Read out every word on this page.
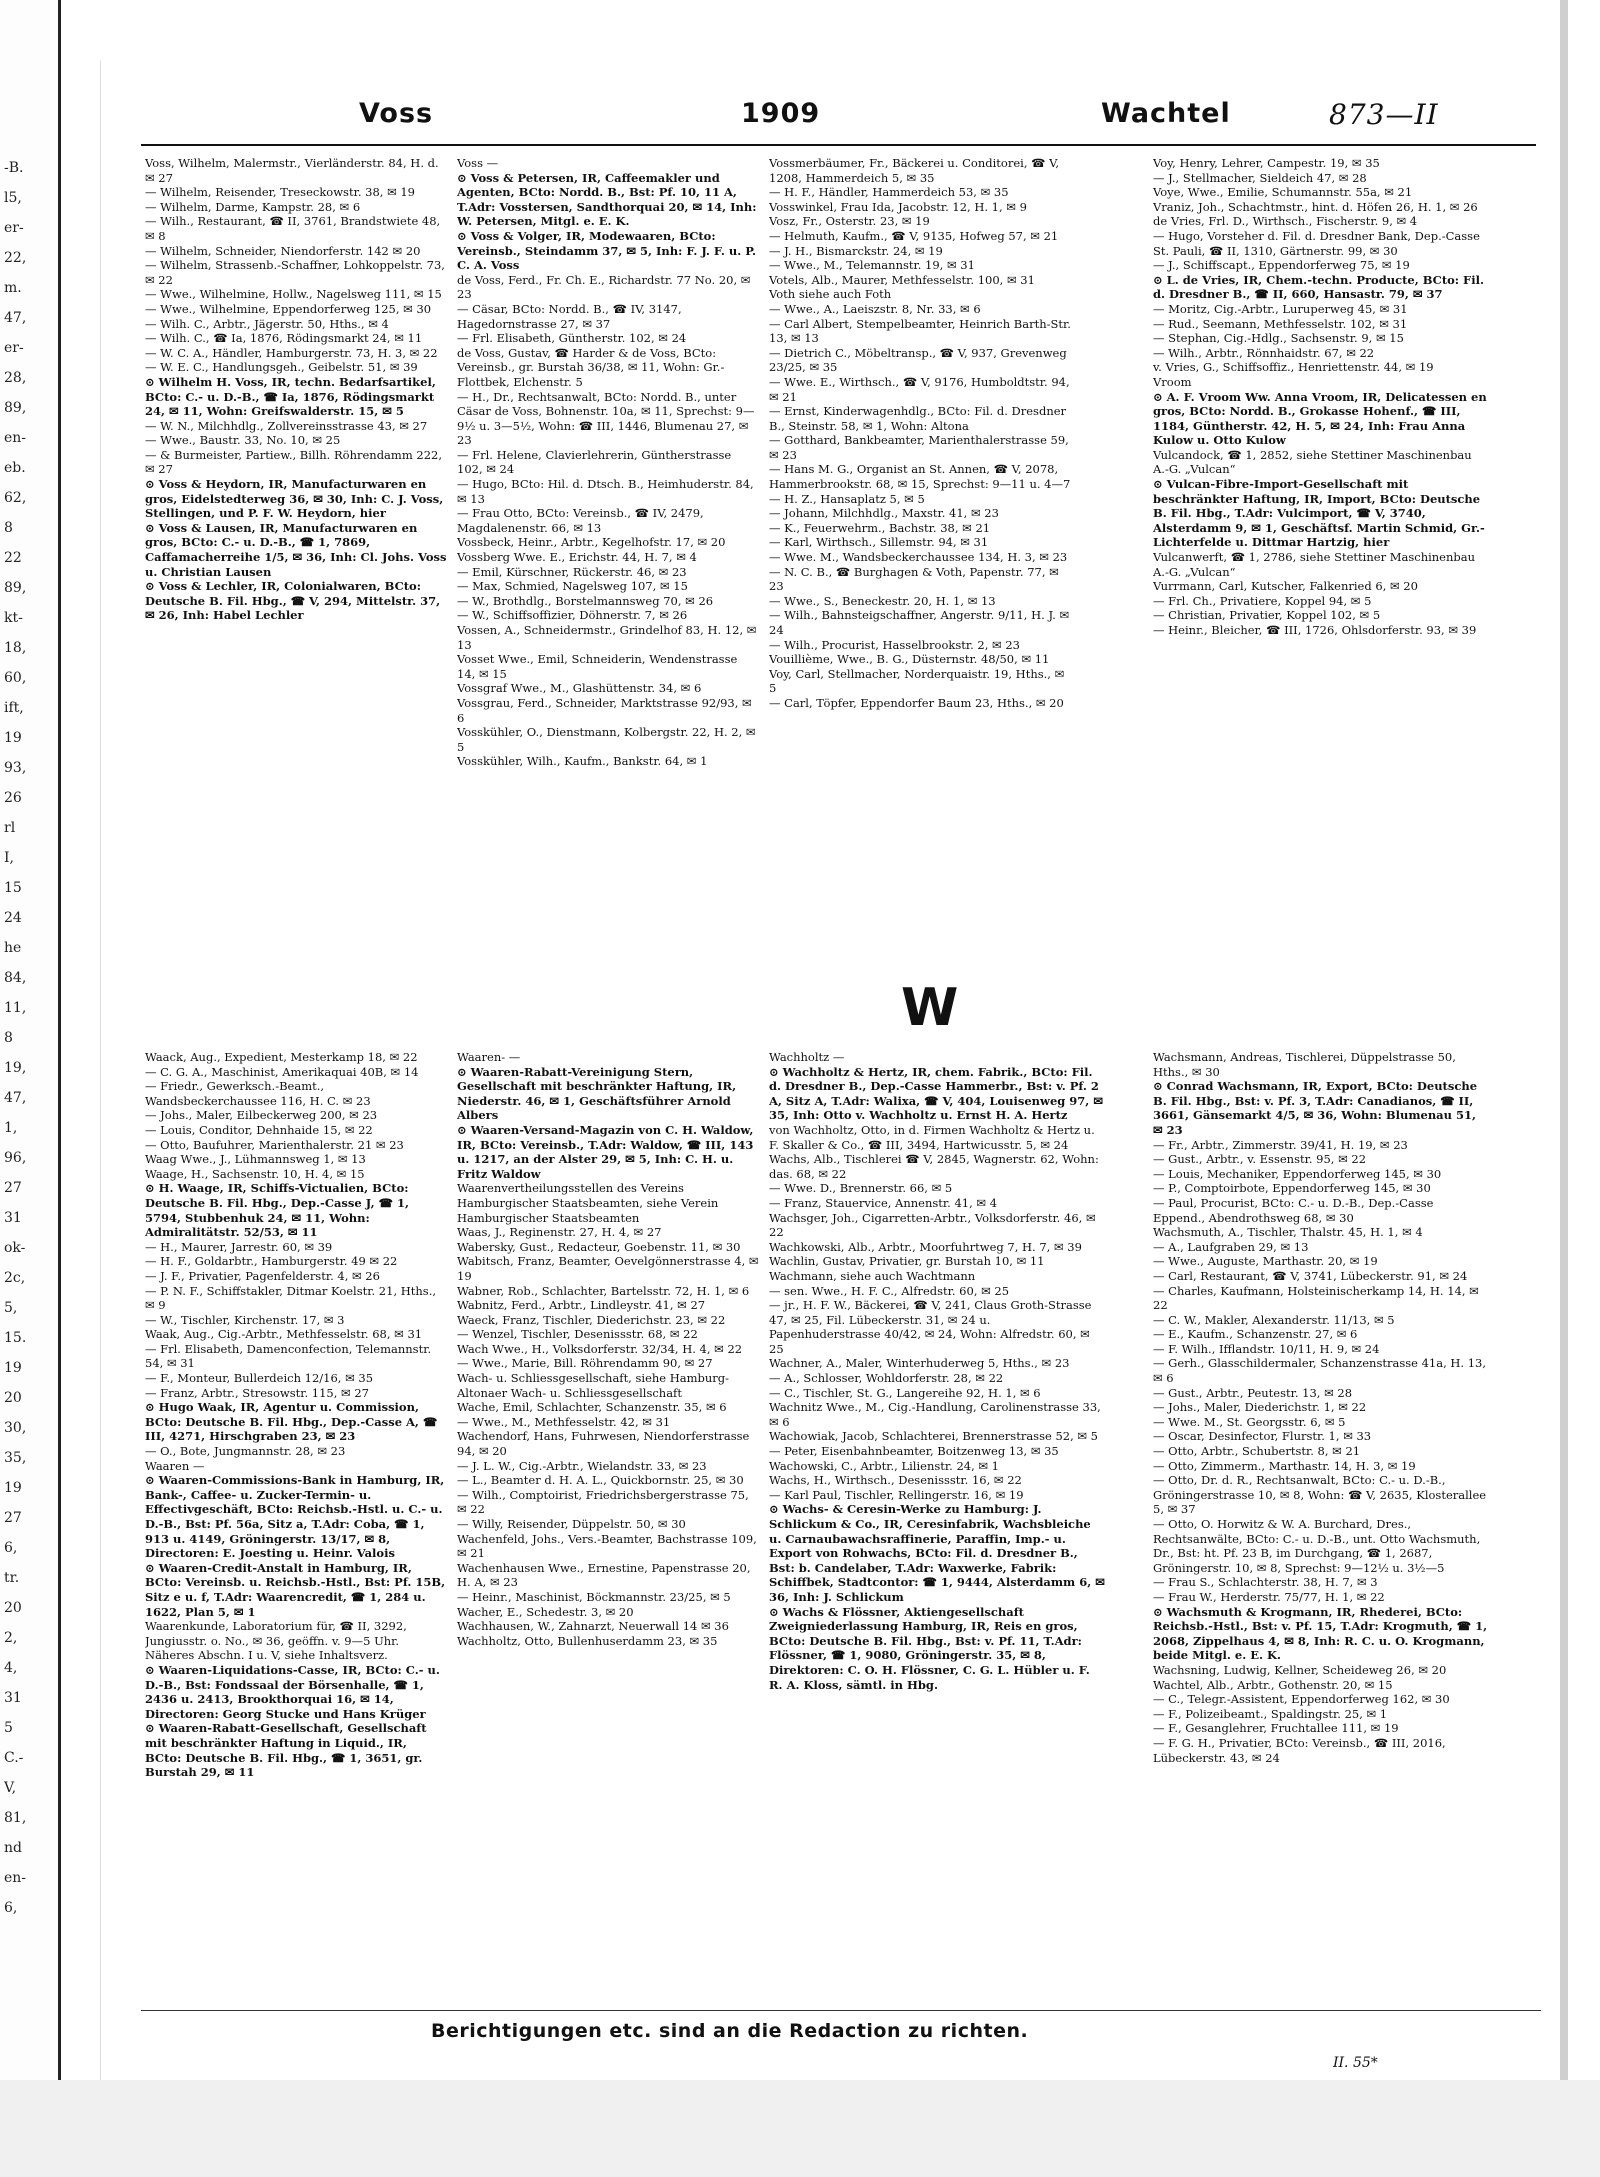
-B.
l5,
er-
22,
m.
47,
er-
28,
89,
en-
eb.
62,
8
22
89,
kt-
18,
60,
ift,
19
93,
26
rl
I,
15
24
he
84,
11,
8
19,
47,
1,
96,
27
31
ok-
2c,
5,
15.
19
20
30,
35,
19
27
6,
tr.
20
2,
4,
31
5
C.-
V,
81,
nd
en-
6,
Voss	1909	Wachtel	873—II

Voss, Wilhelm, Malermstr., Vierländerstr. 84, H. d. ✉ 27

— Wilhelm, Reisender, Treseckowstr. 38, ✉ 19

— Wilhelm, Darme, Kampstr. 28, ✉ 6

— Wilh., Restaurant, ☎ II, 3761, Brandstwiete 48, ✉ 8

— Wilhelm, Schneider, Niendorferstr. 142 ✉ 20

— Wilhelm, Strassenb.-Schaffner, Lohkoppelstr. 73, ✉ 22

— Wwe., Wilhelmine, Hollw., Nagelsweg 111, ✉ 15

— Wwe., Wilhelmine, Eppendorferweg 125, ✉ 30

— Wilh. C., Arbtr., Jägerstr. 50, Hths., ✉ 4

— Wilh. C., ☎ Ia, 1876, Rödingsmarkt 24, ✉ 11

— W. C. A., Händler, Hamburgerstr. 73, H. 3, ✉ 22

— W. E. C., Handlungsgeh., Geibelstr. 51, ✉ 39

⊙ Wilhelm H. Voss, IR, techn. Bedarfsartikel, BCto: C.- u. D.-B., ☎ Ia, 1876, Rödingsmarkt 24, ✉ 11, Wohn: Greifswalderstr. 15, ✉ 5

— W. N., Milchhdlg., Zollvereinsstrasse 43, ✉ 27

— Wwe., Baustr. 33, No. 10, ✉ 25

— & Burmeister, Partiew., Billh. Röhrendamm 222, ✉ 27

⊙ Voss & Heydorn, IR, Manufacturwaren en gros, Eidelstedterweg 36, ✉ 30, Inh: C. J. Voss, Stellingen, und P. F. W. Heydorn, hier

⊙ Voss & Lausen, IR, Manufacturwaren en gros, BCto: C.- u. D.-B., ☎ 1, 7869, Caffamacherreihe 1/5, ✉ 36, Inh: Cl. Johs. Voss u. Christian Lausen

⊙ Voss & Lechler, IR, Colonialwaren, BCto: Deutsche B. Fil. Hbg., ☎ V, 294, Mittelstr. 37, ✉ 26, Inh: Habel Lechler

Voss —

⊙ Voss & Petersen, IR, Caffeemakler und Agenten, BCto: Nordd. B., Bst: Pf. 10, 11 A, T.Adr: Vosstersen, Sandthorquai 20, ✉ 14, Inh: W. Petersen, Mitgl. e. E. K.

⊙ Voss & Volger, IR, Modewaaren, BCto: Vereinsb., Steindamm 37, ✉ 5, Inh: F. J. F. u. P. C. A. Voss

de Voss, Ferd., Fr. Ch. E., Richardstr. 77 No. 20, ✉ 23

— Cäsar, BCto: Nordd. B., ☎ IV, 3147, Hagedornstrasse 27, ✉ 37

— Frl. Elisabeth, Güntherstr. 102, ✉ 24

de Voss, Gustav, ☎ Harder & de Voss, BCto: Vereinsb., gr. Burstah 36/38, ✉ 11, Wohn: Gr.-Flottbek, Elchenstr. 5

— H., Dr., Rechtsanwalt, BCto: Nordd. B., unter Cäsar de Voss, Bohnenstr. 10a, ✉ 11, Sprechst: 9—9½ u. 3—5½, Wohn: ☎ III, 1446, Blumenau 27, ✉ 23

— Frl. Helene, Clavierlehrerin, Güntherstrasse 102, ✉ 24

— Hugo, BCto: Hil. d. Dtsch. B., Heimhuderstr. 84, ✉ 13

— Frau Otto, BCto: Vereinsb., ☎ IV, 2479, Magdalenenstr. 66, ✉ 13

Vossbeck, Heinr., Arbtr., Kegelhofstr. 17, ✉ 20

Vossberg Wwe. E., Erichstr. 44, H. 7, ✉ 4

— Emil, Kürschner, Rückerstr. 46, ✉ 23

— Max, Schmied, Nagelsweg 107, ✉ 15

— W., Brothdlg., Borstelmannsweg 70, ✉ 26

— W., Schiffsoffizier, Döhnerstr. 7, ✉ 26

Vossen, A., Schneidermstr., Grindelhof 83, H. 12, ✉ 13

Vosset Wwe., Emil, Schneiderin, Wendenstrasse 14, ✉ 15

Vossgraf Wwe., M., Glashüttenstr. 34, ✉ 6

Vossgrau, Ferd., Schneider, Marktstrasse 92/93, ✉ 6

Vosskühler, O., Dienstmann, Kolbergstr. 22, H. 2, ✉ 5

Vosskühler, Wilh., Kaufm., Bankstr. 64, ✉ 1

Vossmerbäumer, Fr., Bäckerei u. Conditorei, ☎ V, 1208, Hammerdeich 5, ✉ 35

— H. F., Händler, Hammerdeich 53, ✉ 35

Vosswinkel, Frau Ida, Jacobstr. 12, H. 1, ✉ 9

Vosz, Fr., Osterstr. 23, ✉ 19

— Helmuth, Kaufm., ☎ V, 9135, Hofweg 57, ✉ 21

— J. H., Bismarckstr. 24, ✉ 19

— Wwe., M., Telemannstr. 19, ✉ 31

Votels, Alb., Maurer, Methfesselstr. 100, ✉ 31

Voth siehe auch Foth

— Wwe., A., Laeiszstr. 8, Nr. 33, ✉ 6

— Carl Albert, Stempelbeamter, Heinrich Barth-Str. 13, ✉ 13

— Dietrich C., Möbeltransp., ☎ V, 937, Grevenweg 23/25, ✉ 35

— Wwe. E., Wirthsch., ☎ V, 9176, Humboldtstr. 94, ✉ 21

— Ernst, Kinderwagenhdlg., BCto: Fil. d. Dresdner B., Steinstr. 58, ✉ 1, Wohn: Altona

— Gotthard, Bankbeamter, Marienthalerstrasse 59, ✉ 23

— Hans M. G., Organist an St. Annen, ☎ V, 2078, Hammerbrookstr. 68, ✉ 15, Sprechst: 9—11 u. 4—7

— H. Z., Hansaplatz 5, ✉ 5

— Johann, Milchhdlg., Maxstr. 41, ✉ 23

— K., Feuerwehrm., Bachstr. 38, ✉ 21

— Karl, Wirthsch., Sillemstr. 94, ✉ 31

— Wwe. M., Wandsbeckerchaussee 134, H. 3, ✉ 23

— N. C. B., ☎ Burghagen & Voth, Papenstr. 77, ✉ 23

— Wwe., S., Beneckestr. 20, H. 1, ✉ 13

— Wilh., Bahnsteigschaffner, Angerstr. 9/11, H. J. ✉ 24

— Wilh., Procurist, Hasselbrookstr. 2, ✉ 23

Vouillième, Wwe., B. G., Düsternstr. 48/50, ✉ 11

Voy, Carl, Stellmacher, Norderquaistr. 19, Hths., ✉ 5

— Carl, Töpfer, Eppendorfer Baum 23, Hths., ✉ 20

Voy, Henry, Lehrer, Campestr. 19, ✉ 35

— J., Stellmacher, Sieldeich 47, ✉ 28

Voye, Wwe., Emilie, Schumannstr. 55a, ✉ 21

Vraniz, Joh., Schachtmstr., hint. d. Höfen 26, H. 1, ✉ 26

de Vries, Frl. D., Wirthsch., Fischerstr. 9, ✉ 4

— Hugo, Vorsteher d. Fil. d. Dresdner Bank, Dep.-Casse St. Pauli, ☎ II, 1310, Gärtnerstr. 99, ✉ 30

— J., Schiffscapt., Eppendorferweg 75, ✉ 19

⊙ L. de Vries, IR, Chem.-techn. Producte, BCto: Fil. d. Dresdner B., ☎ II, 660, Hansastr. 79, ✉ 37

— Moritz, Cig.-Arbtr., Luruperweg 45, ✉ 31

— Rud., Seemann, Methfesselstr. 102, ✉ 31

— Stephan, Cig.-Hdlg., Sachsenstr. 9, ✉ 15

— Wilh., Arbtr., Rönnhaidstr. 67, ✉ 22

v. Vries, G., Schiffsoffiz., Henriettenstr. 44, ✉ 19

Vroom

⊙ A. F. Vroom Ww. Anna Vroom, IR, Delicatessen en gros, BCto: Nordd. B., Grokasse Hohenf., ☎ III, 1184, Güntherstr. 42, H. 5, ✉ 24, Inh: Frau Anna Kulow u. Otto Kulow

Vulcandock, ☎ 1, 2852, siehe Stettiner Maschinenbau A.-G. „Vulcan“

⊙ Vulcan-Fibre-Import-Gesellschaft mit beschränkter Haftung, IR, Import, BCto: Deutsche B. Fil. Hbg., T.Adr: Vulcimport, ☎ V, 3740, Alsterdamm 9, ✉ 1, Geschäftsf. Martin Schmid, Gr.-Lichterfelde u. Dittmar Hartzig, hier

Vulcanwerft, ☎ 1, 2786, siehe Stettiner Maschinenbau A.-G. „Vulcan“

Vurrmann, Carl, Kutscher, Falkenried 6, ✉ 20

— Frl. Ch., Privatiere, Koppel 94, ✉ 5

— Christian, Privatier, Koppel 102, ✉ 5

— Heinr., Bleicher, ☎ III, 1726, Ohlsdorferstr. 93, ✉ 39

W

Waack, Aug., Expedient, Mesterkamp 18, ✉ 22

— C. G. A., Maschinist, Amerikaquai 40B, ✉ 14

— Friedr., Gewerksch.-Beamt., Wandsbeckerchaussee 116, H. C. ✉ 23

— Johs., Maler, Eilbeckerweg 200, ✉ 23

— Louis, Conditor, Dehnhaide 15, ✉ 22

— Otto, Baufuhrer, Marienthalerstr. 21 ✉ 23

Waag Wwe., J., Lühmannsweg 1, ✉ 13

Waage, H., Sachsenstr. 10, H. 4, ✉ 15

⊙ H. Waage, IR, Schiffs-Victualien, BCto: Deutsche B. Fil. Hbg., Dep.-Casse J, ☎ 1, 5794, Stubbenhuk 24, ✉ 11, Wohn: Admiralitätstr. 52/53, ✉ 11

— H., Maurer, Jarrestr. 60, ✉ 39

— H. F., Goldarbtr., Hamburgerstr. 49 ✉ 22

— J. F., Privatier, Pagenfelderstr. 4, ✉ 26

— P. N. F., Schiffstakler, Ditmar Koelstr. 21, Hths., ✉ 9

— W., Tischler, Kirchenstr. 17, ✉ 3

Waak, Aug., Cig.-Arbtr., Methfesselstr. 68, ✉ 31

— Frl. Elisabeth, Damenconfection, Telemannstr. 54, ✉ 31

— F., Monteur, Bullerdeich 12/16, ✉ 35

— Franz, Arbtr., Stresowstr. 115, ✉ 27

⊙ Hugo Waak, IR, Agentur u. Commission, BCto: Deutsche B. Fil. Hbg., Dep.-Casse A, ☎ III, 4271, Hirschgraben 23, ✉ 23

— O., Bote, Jungmannstr. 28, ✉ 23

Waaren —

⊙ Waaren-Commissions-Bank in Hamburg, IR, Bank-, Caffee- u. Zucker-Termin- u. Effectivgeschäft, BCto: Reichsb.-Hstl. u. C.- u. D.-B., Bst: Pf. 56a, Sitz a, T.Adr: Coba, ☎ 1, 913 u. 4149, Gröningerstr. 13/17, ✉ 8, Directoren: E. Joesting u. Heinr. Valois

⊙ Waaren-Credit-Anstalt in Hamburg, IR, BCto: Vereinsb. u. Reichsb.-Hstl., Bst: Pf. 15B, Sitz e u. f, T.Adr: Waarencredit, ☎ 1, 284 u. 1622, Plan 5, ✉ 1

Waarenkunde, Laboratorium für, ☎ II, 3292, Jungiusstr. o. No., ✉ 36, geöffn. v. 9—5 Uhr. Näheres Abschn. I u. V, siehe Inhaltsverz.

⊙ Waaren-Liquidations-Casse, IR, BCto: C.- u. D.-B., Bst: Fondssaal der Börsenhalle, ☎ 1, 2436 u. 2413, Brookthorquai 16, ✉ 14, Directoren: Georg Stucke und Hans Krüger

⊙ Waaren-Rabatt-Gesellschaft, Gesellschaft mit beschränkter Haftung in Liquid., IR, BCto: Deutsche B. Fil. Hbg., ☎ 1, 3651, gr. Burstah 29, ✉ 11

Waaren- —

⊙ Waaren-Rabatt-Vereinigung Stern, Gesellschaft mit beschränkter Haftung, IR, Niederstr. 46, ✉ 1, Geschäftsführer Arnold Albers

⊙ Waaren-Versand-Magazin von C. H. Waldow, IR, BCto: Vereinsb., T.Adr: Waldow, ☎ III, 143 u. 1217, an der Alster 29, ✉ 5, Inh: C. H. u. Fritz Waldow

Waarenvertheilungsstellen des Vereins Hamburgischer Staatsbeamten, siehe Verein Hamburgischer Staatsbeamten

Waas, J., Reginenstr. 27, H. 4, ✉ 27

Wabersky, Gust., Redacteur, Goebenstr. 11, ✉ 30

Wabitsch, Franz, Beamter, Oevelgönnerstrasse 4, ✉ 19

Wabner, Rob., Schlachter, Bartelsstr. 72, H. 1, ✉ 6

Wabnitz, Ferd., Arbtr., Lindleystr. 41, ✉ 27

Waeck, Franz, Tischler, Diederichstr. 23, ✉ 22

— Wenzel, Tischler, Desenissstr. 68, ✉ 22

Wach Wwe., H., Volksdorferstr. 32/34, H. 4, ✉ 22

— Wwe., Marie, Bill. Röhrendamm 90, ✉ 27

Wach- u. Schliessgesellschaft, siehe Hamburg-Altonaer Wach- u. Schliessgesellschaft

Wache, Emil, Schlachter, Schanzenstr. 35, ✉ 6

— Wwe., M., Methfesselstr. 42, ✉ 31

Wachendorf, Hans, Fuhrwesen, Niendorferstrasse 94, ✉ 20

— J. L. W., Cig.-Arbtr., Wielandstr. 33, ✉ 23

— L., Beamter d. H. A. L., Quickbornstr. 25, ✉ 30

— Wilh., Comptoirist, Friedrichsbergerstrasse 75, ✉ 22

— Willy, Reisender, Düppelstr. 50, ✉ 30

Wachenfeld, Johs., Vers.-Beamter, Bachstrasse 109, ✉ 21

Wachenhausen Wwe., Ernestine, Papenstrasse 20, H. A, ✉ 23

— Heinr., Maschinist, Böckmannstr. 23/25, ✉ 5

Wacher, E., Schedestr. 3, ✉ 20

Wachhausen, W., Zahnarzt, Neuerwall 14 ✉ 36

Wachholtz, Otto, Bullenhuserdamm 23, ✉ 35

Wachholtz —

⊙ Wachholtz & Hertz, IR, chem. Fabrik., BCto: Fil. d. Dresdner B., Dep.-Casse Hammerbr., Bst: v. Pf. 2 A, Sitz A, T.Adr: Walixa, ☎ V, 404, Louisenweg 97, ✉ 35, Inh: Otto v. Wachholtz u. Ernst H. A. Hertz

von Wachholtz, Otto, in d. Firmen Wachholtz & Hertz u. F. Skaller & Co., ☎ III, 3494, Hartwicusstr. 5, ✉ 24

Wachs, Alb., Tischlerei ☎ V, 2845, Wagnerstr. 62, Wohn: das. 68, ✉ 22

— Wwe. D., Brennerstr. 66, ✉ 5

— Franz, Stauervice, Annenstr. 41, ✉ 4

Wachsger, Joh., Cigarretten-Arbtr., Volksdorferstr. 46, ✉ 22

Wachkowski, Alb., Arbtr., Moorfuhrtweg 7, H. 7, ✉ 39

Wachlin, Gustav, Privatier, gr. Burstah 10, ✉ 11

Wachmann, siehe auch Wachtmann

— sen. Wwe., H. F. C., Alfredstr. 60, ✉ 25

— jr., H. F. W., Bäckerei, ☎ V, 241, Claus Groth-Strasse 47, ✉ 25, Fil. Lübeckerstr. 31, ✉ 24 u. Papenhuderstrasse 40/42, ✉ 24, Wohn: Alfredstr. 60, ✉ 25

Wachner, A., Maler, Winterhuderweg 5, Hths., ✉ 23

— A., Schlosser, Wohldorferstr. 28, ✉ 22

— C., Tischler, St. G., Langereihe 92, H. 1, ✉ 6

Wachnitz Wwe., M., Cig.-Handlung, Carolinenstrasse 33, ✉ 6

Wachowiak, Jacob, Schlachterei, Brennerstrasse 52, ✉ 5

— Peter, Eisenbahnbeamter, Boitzenweg 13, ✉ 35

Wachowski, C., Arbtr., Lilienstr. 24, ✉ 1

Wachs, H., Wirthsch., Desenissstr. 16, ✉ 22

— Karl Paul, Tischler, Rellingerstr. 16, ✉ 19

⊙ Wachs- & Ceresin-Werke zu Hamburg: J. Schlickum & Co., IR, Ceresinfabrik, Wachsbleiche u. Carnaubawachsraffinerie, Paraffin, Imp.- u. Export von Rohwachs, BCto: Fil. d. Dresdner B., Bst: b. Candelaber, T.Adr: Waxwerke, Fabrik: Schiffbek, Stadtcontor: ☎ 1, 9444, Alsterdamm 6, ✉ 36, Inh: J. Schlickum

⊙ Wachs & Flössner, Aktiengesellschaft Zweigniederlassung Hamburg, IR, Reis en gros, BCto: Deutsche B. Fil. Hbg., Bst: v. Pf. 11, T.Adr: Flössner, ☎ 1, 9080, Gröningerstr. 35, ✉ 8, Direktoren: C. O. H. Flössner, C. G. L. Hübler u. F. R. A. Kloss, sämtl. in Hbg.

Wachsmann, Andreas, Tischlerei, Düppelstrasse 50, Hths., ✉ 30

⊙ Conrad Wachsmann, IR, Export, BCto: Deutsche B. Fil. Hbg., Bst: v. Pf. 3, T.Adr: Canadianos, ☎ II, 3661, Gänsemarkt 4/5, ✉ 36, Wohn: Blumenau 51, ✉ 23

— Fr., Arbtr., Zimmerstr. 39/41, H. 19, ✉ 23

— Gust., Arbtr., v. Essenstr. 95, ✉ 22

— Louis, Mechaniker, Eppendorferweg 145, ✉ 30

— P., Comptoirbote, Eppendorferweg 145, ✉ 30

— Paul, Procurist, BCto: C.- u. D.-B., Dep.-Casse Eppend., Abendrothsweg 68, ✉ 30

Wachsmuth, A., Tischler, Thalstr. 45, H. 1, ✉ 4

— A., Laufgraben 29, ✉ 13

— Wwe., Auguste, Marthastr. 20, ✉ 19

— Carl, Restaurant, ☎ V, 3741, Lübeckerstr. 91, ✉ 24

— Charles, Kaufmann, Holsteinischerkamp 14, H. 14, ✉ 22

— C. W., Makler, Alexanderstr. 11/13, ✉ 5

— E., Kaufm., Schanzenstr. 27, ✉ 6

— F. Wilh., Ifflandstr. 10/11, H. 9, ✉ 24

— Gerh., Glasschildermaler, Schanzenstrasse 41a, H. 13, ✉ 6

— Gust., Arbtr., Peutestr. 13, ✉ 28

— Johs., Maler, Diederichstr. 1, ✉ 22

— Wwe. M., St. Georgsstr. 6, ✉ 5

— Oscar, Desinfector, Flurstr. 1, ✉ 33

— Otto, Arbtr., Schubertstr. 8, ✉ 21

— Otto, Zimmerm., Marthastr. 14, H. 3, ✉ 19

— Otto, Dr. d. R., Rechtsanwalt, BCto: C.- u. D.-B., Gröningerstrasse 10, ✉ 8, Wohn: ☎ V, 2635, Klosterallee 5, ✉ 37

— Otto, O. Horwitz & W. A. Burchard, Dres., Rechtsanwälte, BCto: C.- u. D.-B., unt. Otto Wachsmuth, Dr., Bst: ht. Pf. 23 B, im Durchgang, ☎ 1, 2687, Gröningerstr. 10, ✉ 8, Sprechst: 9—12½ u. 3½—5

— Frau S., Schlachterstr. 38, H. 7, ✉ 3

— Frau W., Herderstr. 75/77, H. 1, ✉ 22

⊙ Wachsmuth & Krogmann, IR, Rhederei, BCto: Reichsb.-Hstl., Bst: v. Pf. 15, T.Adr: Krogmuth, ☎ 1, 2068, Zippelhaus 4, ✉ 8, Inh: R. C. u. O. Krogmann, beide Mitgl. e. E. K.

Wachsning, Ludwig, Kellner, Scheideweg 26, ✉ 20

Wachtel, Alb., Arbtr., Gothenstr. 20, ✉ 15

— C., Telegr.-Assistent, Eppendorferweg 162, ✉ 30

— F., Polizeibeamt., Spaldingstr. 25, ✉ 1

— F., Gesanglehrer, Fruchtallee 111, ✉ 19

— F. G. H., Privatier, BCto: Vereinsb., ☎ III, 2016, Lübeckerstr. 43, ✉ 24

Berichtigungen etc. sind an die Redaction zu richten.
II. 55*
